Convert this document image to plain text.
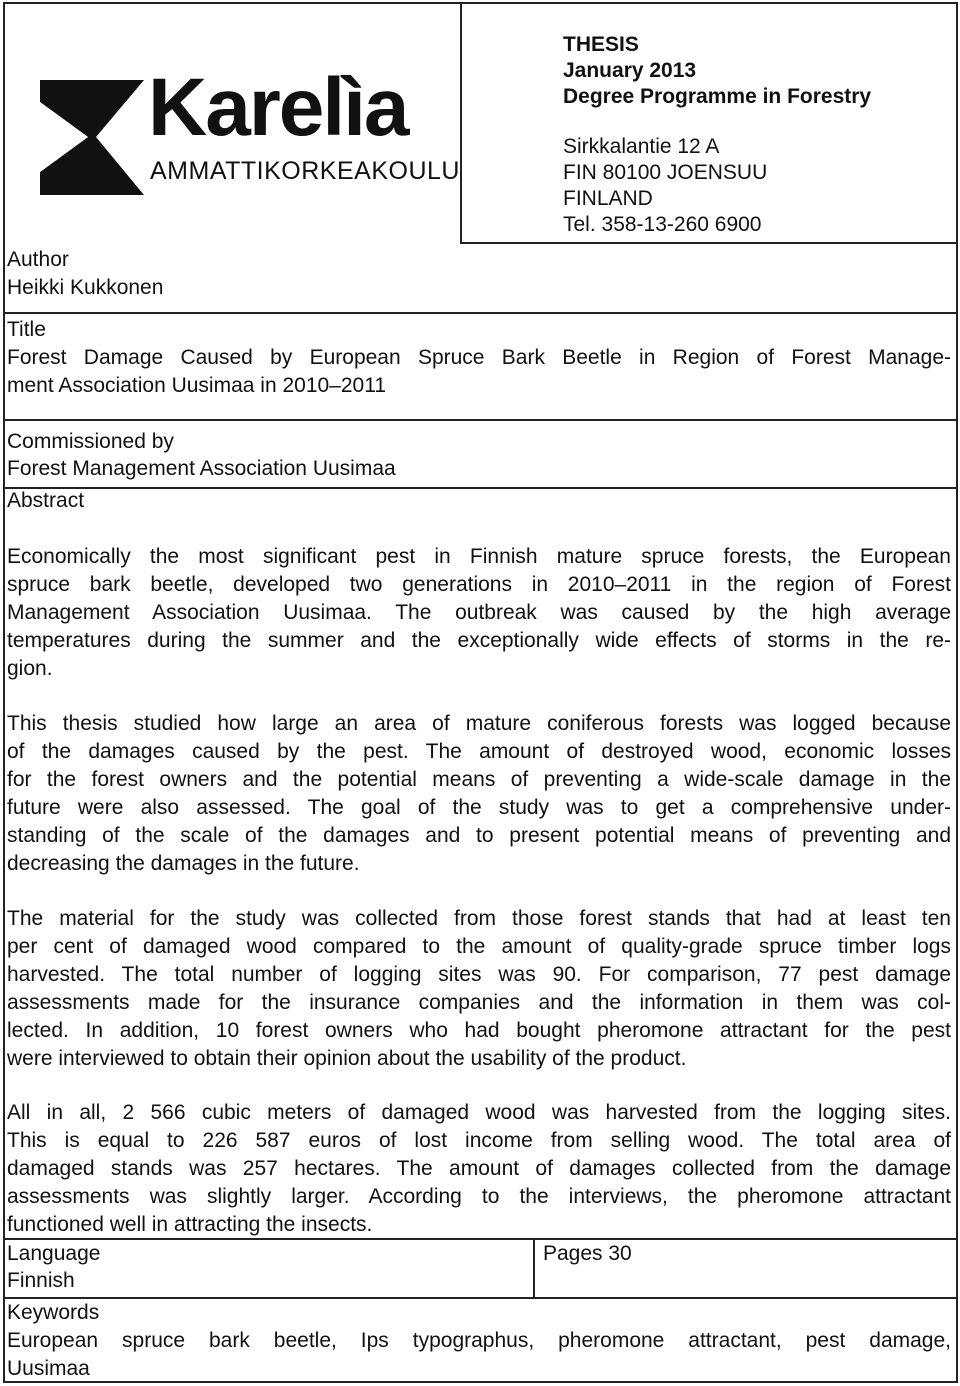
Karelìa
AMMATTIKORKEAKOULU
THESIS
January 2013
Degree Programme in Forestry
Sirkkalantie 12 A
FIN 80100 JOENSUU
FINLAND
Tel. 358-13-260 6900
Author
Heikki Kukkonen
Title
Forest Damage Caused by European Spruce Bark Beetle in Region of Forest Manage-
ment Association Uusimaa in 2010–2011
Commissioned by
Forest Management Association Uusimaa
Abstract
Economically the most significant pest in Finnish mature spruce forests, the European
spruce bark beetle, developed two generations in 2010–2011 in the region of Forest
Management Association Uusimaa. The outbreak was caused by the high average
temperatures during the summer and the exceptionally wide effects of storms in the re-
gion.
This thesis studied how large an area of mature coniferous forests was logged because
of the damages caused by the pest. The amount of destroyed wood, economic losses
for the forest owners and the potential means of preventing a wide-scale damage in the
future were also assessed. The goal of the study was to get a comprehensive under-
standing of the scale of the damages and to present potential means of preventing and
decreasing the damages in the future.
The material for the study was collected from those forest stands that had at least ten
per cent of damaged wood compared to the amount of quality-grade spruce timber logs
harvested. The total number of logging sites was 90. For comparison, 77 pest damage
assessments made for the insurance companies and the information in them was col-
lected. In addition, 10 forest owners who had bought pheromone attractant for the pest
were interviewed to obtain their opinion about the usability of the product.
All in all, 2 566 cubic meters of damaged wood was harvested from the logging sites.
This is equal to 226 587 euros of lost income from selling wood. The total area of
damaged stands was 257 hectares. The amount of damages collected from the damage
assessments was slightly larger. According to the interviews, the pheromone attractant
functioned well in attracting the insects.
Language
Finnish
Pages 30
Keywords
European spruce bark beetle, Ips typographus, pheromone attractant, pest damage,
Uusimaa
